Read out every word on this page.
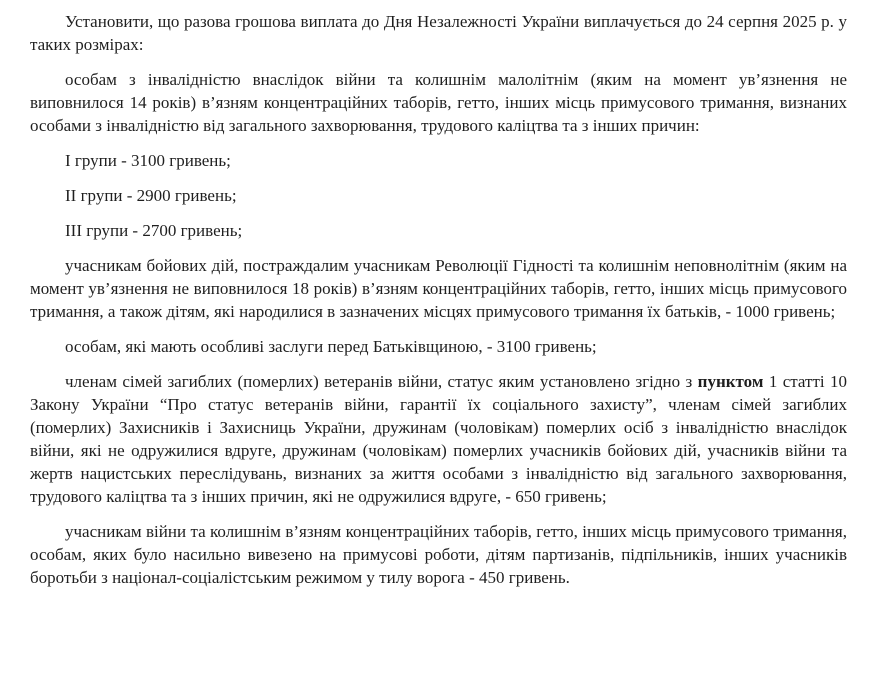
Установити, що разова грошова виплата до Дня Незалежності України виплачується до 24 серпня 2025 р. у таких розмірах:

особам з інвалідністю внаслідок війни та колишнім малолітнім (яким на момент ув’язнення не виповнилося 14 років) в’язням концентраційних таборів, гетто, інших місць примусового тримання, визнаних особами з інвалідністю від загального захворювання, трудового каліцтва та з інших причин:

I групи - 3100 гривень;

II групи - 2900 гривень;

III групи - 2700 гривень;

учасникам бойових дій, постраждалим учасникам Революції Гідності та колишнім неповнолітнім (яким на момент ув’язнення не виповнилося 18 років) в’язням концентраційних таборів, гетто, інших місць примусового тримання, а також дітям, які народилися в зазначених місцях примусового тримання їх батьків, - 1000 гривень;

особам, які мають особливі заслуги перед Батьківщиною, - 3100 гривень;

членам сімей загиблих (померлих) ветеранів війни, статус яким установлено згідно з пунктом 1 статті 10 Закону України “Про статус ветеранів війни, гарантії їх соціального захисту”, членам сімей загиблих (померлих) Захисників і Захисниць України, дружинам (чоловікам) померлих осіб з інвалідністю внаслідок війни, які не одружилися вдруге, дружинам (чоловікам) померлих учасників бойових дій, учасників війни та жертв нацистських переслідувань, визнаних за життя особами з інвалідністю від загального захворювання, трудового каліцтва та з інших причин, які не одружилися вдруге, - 650 гривень;

учасникам війни та колишнім в’язням концентраційних таборів, гетто, інших місць примусового тримання, особам, яких було насильно вивезено на примусові роботи, дітям партизанів, підпільників, інших учасників боротьби з націонал-соціалістським режимом у тилу ворога - 450 гривень.
